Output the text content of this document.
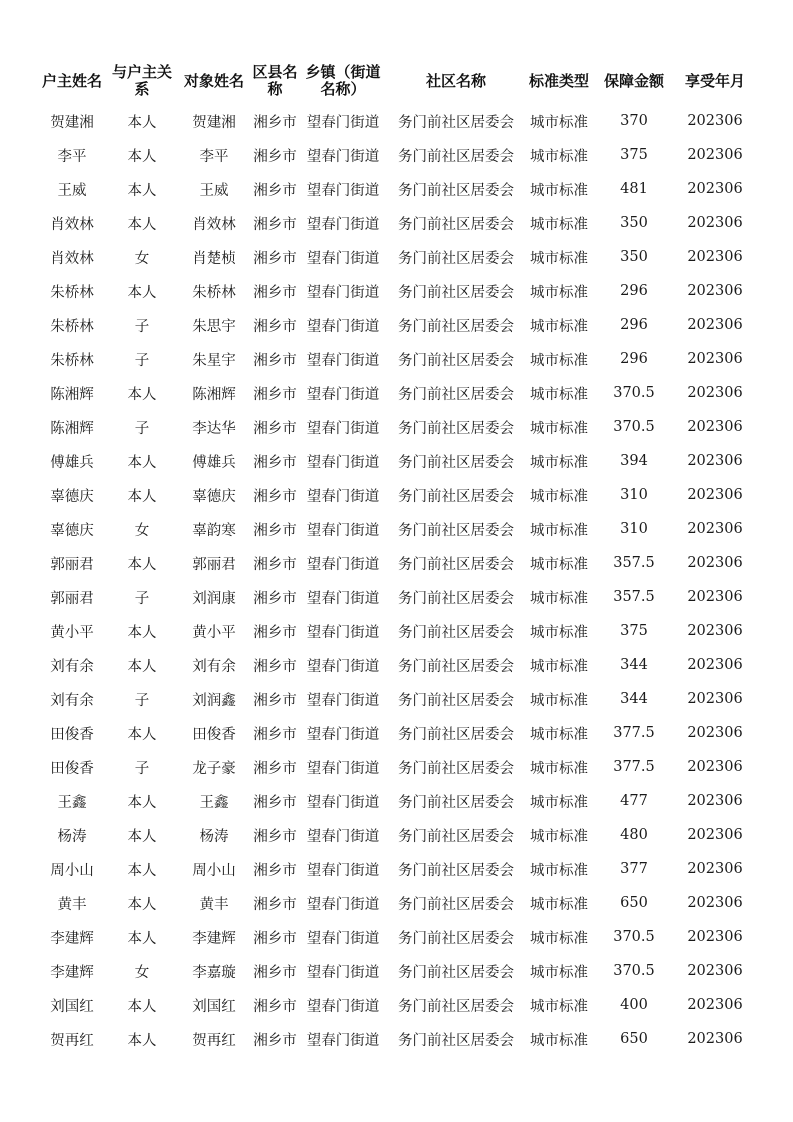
户主姓名	与户主关系	对象姓名	区县名称	乡镇（街道名称）	社区名称	标准类型	保障金额	享受年月
贺建湘	本人	贺建湘	湘乡市	望春门街道	务门前社区居委会	城市标准	370	202306
李平	本人	李平	湘乡市	望春门街道	务门前社区居委会	城市标准	375	202306
王威	本人	王威	湘乡市	望春门街道	务门前社区居委会	城市标准	481	202306
肖效林	本人	肖效林	湘乡市	望春门街道	务门前社区居委会	城市标准	350	202306
肖效林	女	肖楚桢	湘乡市	望春门街道	务门前社区居委会	城市标准	350	202306
朱桥林	本人	朱桥林	湘乡市	望春门街道	务门前社区居委会	城市标准	296	202306
朱桥林	子	朱思宇	湘乡市	望春门街道	务门前社区居委会	城市标准	296	202306
朱桥林	子	朱星宇	湘乡市	望春门街道	务门前社区居委会	城市标准	296	202306
陈湘辉	本人	陈湘辉	湘乡市	望春门街道	务门前社区居委会	城市标准	370.5	202306
陈湘辉	子	李达华	湘乡市	望春门街道	务门前社区居委会	城市标准	370.5	202306
傅雄兵	本人	傅雄兵	湘乡市	望春门街道	务门前社区居委会	城市标准	394	202306
辜德庆	本人	辜德庆	湘乡市	望春门街道	务门前社区居委会	城市标准	310	202306
辜德庆	女	辜韵寒	湘乡市	望春门街道	务门前社区居委会	城市标准	310	202306
郭丽君	本人	郭丽君	湘乡市	望春门街道	务门前社区居委会	城市标准	357.5	202306
郭丽君	子	刘润康	湘乡市	望春门街道	务门前社区居委会	城市标准	357.5	202306
黄小平	本人	黄小平	湘乡市	望春门街道	务门前社区居委会	城市标准	375	202306
刘有余	本人	刘有余	湘乡市	望春门街道	务门前社区居委会	城市标准	344	202306
刘有余	子	刘润鑫	湘乡市	望春门街道	务门前社区居委会	城市标准	344	202306
田俊香	本人	田俊香	湘乡市	望春门街道	务门前社区居委会	城市标准	377.5	202306
田俊香	子	龙子豪	湘乡市	望春门街道	务门前社区居委会	城市标准	377.5	202306
王鑫	本人	王鑫	湘乡市	望春门街道	务门前社区居委会	城市标准	477	202306
杨涛	本人	杨涛	湘乡市	望春门街道	务门前社区居委会	城市标准	480	202306
周小山	本人	周小山	湘乡市	望春门街道	务门前社区居委会	城市标准	377	202306
黄丰	本人	黄丰	湘乡市	望春门街道	务门前社区居委会	城市标准	650	202306
李建辉	本人	李建辉	湘乡市	望春门街道	务门前社区居委会	城市标准	370.5	202306
李建辉	女	李嘉璇	湘乡市	望春门街道	务门前社区居委会	城市标准	370.5	202306
刘国红	本人	刘国红	湘乡市	望春门街道	务门前社区居委会	城市标准	400	202306
贺再红	本人	贺再红	湘乡市	望春门街道	务门前社区居委会	城市标准	650	202306
